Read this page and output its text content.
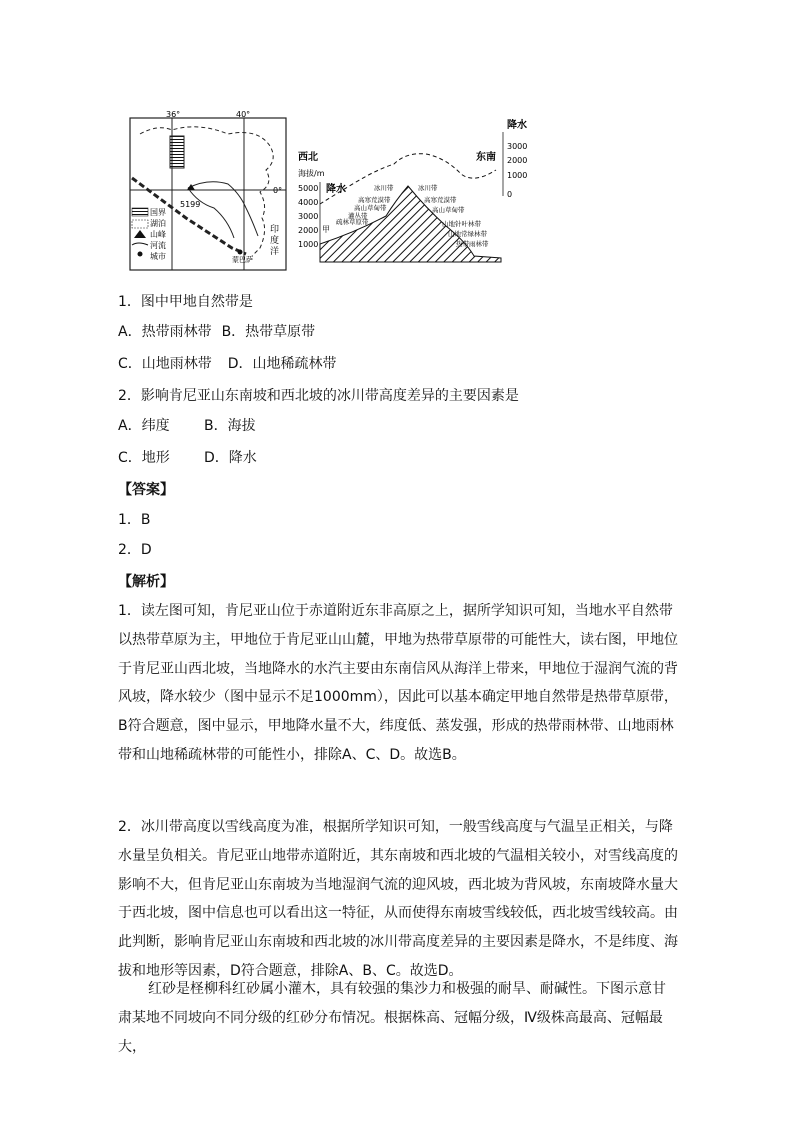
5199
36°	40°
0°
印
度
洋
蒙巴萨
国界
湖泊
山峰
河流
城市
西北	东南
海拔/m
降水
降水
5000
4000
3000
2000
1000
3000
2000
1000
0
冰川带
高寒荒漠带
高山草甸带
灌丛带
疏林草原带
甲
冰川带
高寒荒漠带
高山草甸带
山地针叶林带
山地常绿林带
热带雨林带
1．图中甲地自然带是
A．热带雨林带 B．热带草原带
C．山地雨林带 D．山地稀疏林带
2．影响肯尼亚山东南坡和西北坡的冰川带高度差异的主要因素是
A．纬度 B．海拔
C．地形 D．降水
【答案】
1．B
2．D
【解析】
1．读左图可知，肯尼亚山位于赤道附近东非高原之上，据所学知识可知，当地水平自然带以热带草原为主，甲地位于肯尼亚山山麓，甲地为热带草原带的可能性大，读右图，甲地位于肯尼亚山西北坡，当地降水的水汽主要由东南信风从海洋上带来，甲地位于湿润气流的背风坡，降水较少（图中显示不足1000mm），因此可以基本确定甲地自然带是热带草原带，B符合题意，图中显示，甲地降水量不大，纬度低、蒸发强，形成的热带雨林带、山地雨林带和山地稀疏林带的可能性小，排除A、C、D。故选B。
2．冰川带高度以雪线高度为准，根据所学知识可知，一般雪线高度与气温呈正相关，与降水量呈负相关。肯尼亚山地带赤道附近，其东南坡和西北坡的气温相关较小，对雪线高度的影响不大，但肯尼亚山东南坡为当地湿润气流的迎风坡，西北坡为背风坡，东南坡降水量大于西北坡，图中信息也可以看出这一特征，从而使得东南坡雪线较低，西北坡雪线较高。由此判断，影响肯尼亚山东南坡和西北坡的冰川带高度差异的主要因素是降水，不是纬度、海拔和地形等因素，D符合题意，排除A、B、C。故选D。
红砂是柽柳科红砂属小灌木，具有较强的集沙力和极强的耐旱、耐碱性。下图示意甘肃某地不同坡向不同分级的红砂分布情况。根据株高、冠幅分级，Ⅳ级株高最高、冠幅最大，
